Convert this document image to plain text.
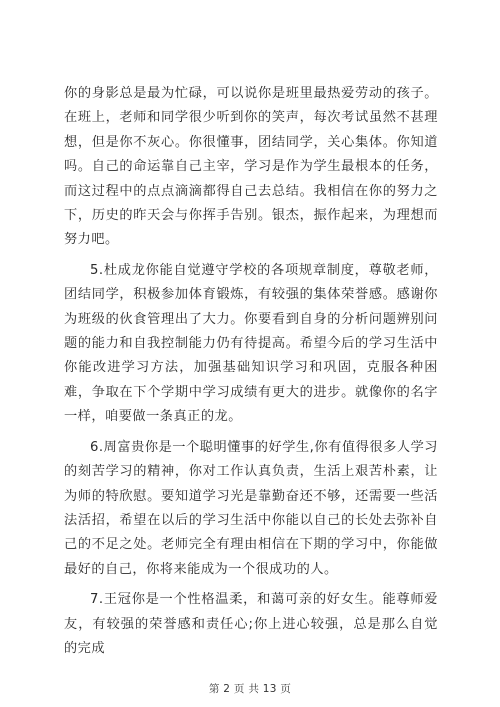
你的身影总是最为忙碌，可以说你是班里最热爱劳动的孩子。在班上，老师和同学很少听到你的笑声，每次考试虽然不甚理想，但是你不灰心。你很懂事，团结同学，关心集体。你知道吗。自己的命运靠自己主宰，学习是作为学生最根本的任务，而这过程中的点点滴滴都得自己去总结。我相信在你的努力之下，历史的昨天会与你挥手告别。银杰，振作起来，为理想而努力吧。

5.杜成龙你能自觉遵守学校的各项规章制度，尊敬老师，团结同学，积极参加体育锻炼，有较强的集体荣誉感。感谢你为班级的伙食管理出了大力。你要看到自身的分析问题辨别问题的能力和自我控制能力仍有待提高。希望今后的学习生活中你能改进学习方法，加强基础知识学习和巩固，克服各种困难，争取在下个学期中学习成绩有更大的进步。就像你的名字一样，咱要做一条真正的龙。

6.周富贵你是一个聪明懂事的好学生,你有值得很多人学习的刻苦学习的精神，你对工作认真负责，生活上艰苦朴素，让为师的特欣慰。要知道学习光是靠勤奋还不够，还需要一些活法活招，希望在以后的学习生活中你能以自己的长处去弥补自己的不足之处。老师完全有理由相信在下期的学习中，你能做最好的自己，你将来能成为一个很成功的人。

7.王冠你是一个性格温柔，和蔼可亲的好女生。能尊师爱友，有较强的荣誉感和责任心;你上进心较强，总是那么自觉的完成

第 2 页 共 13 页
